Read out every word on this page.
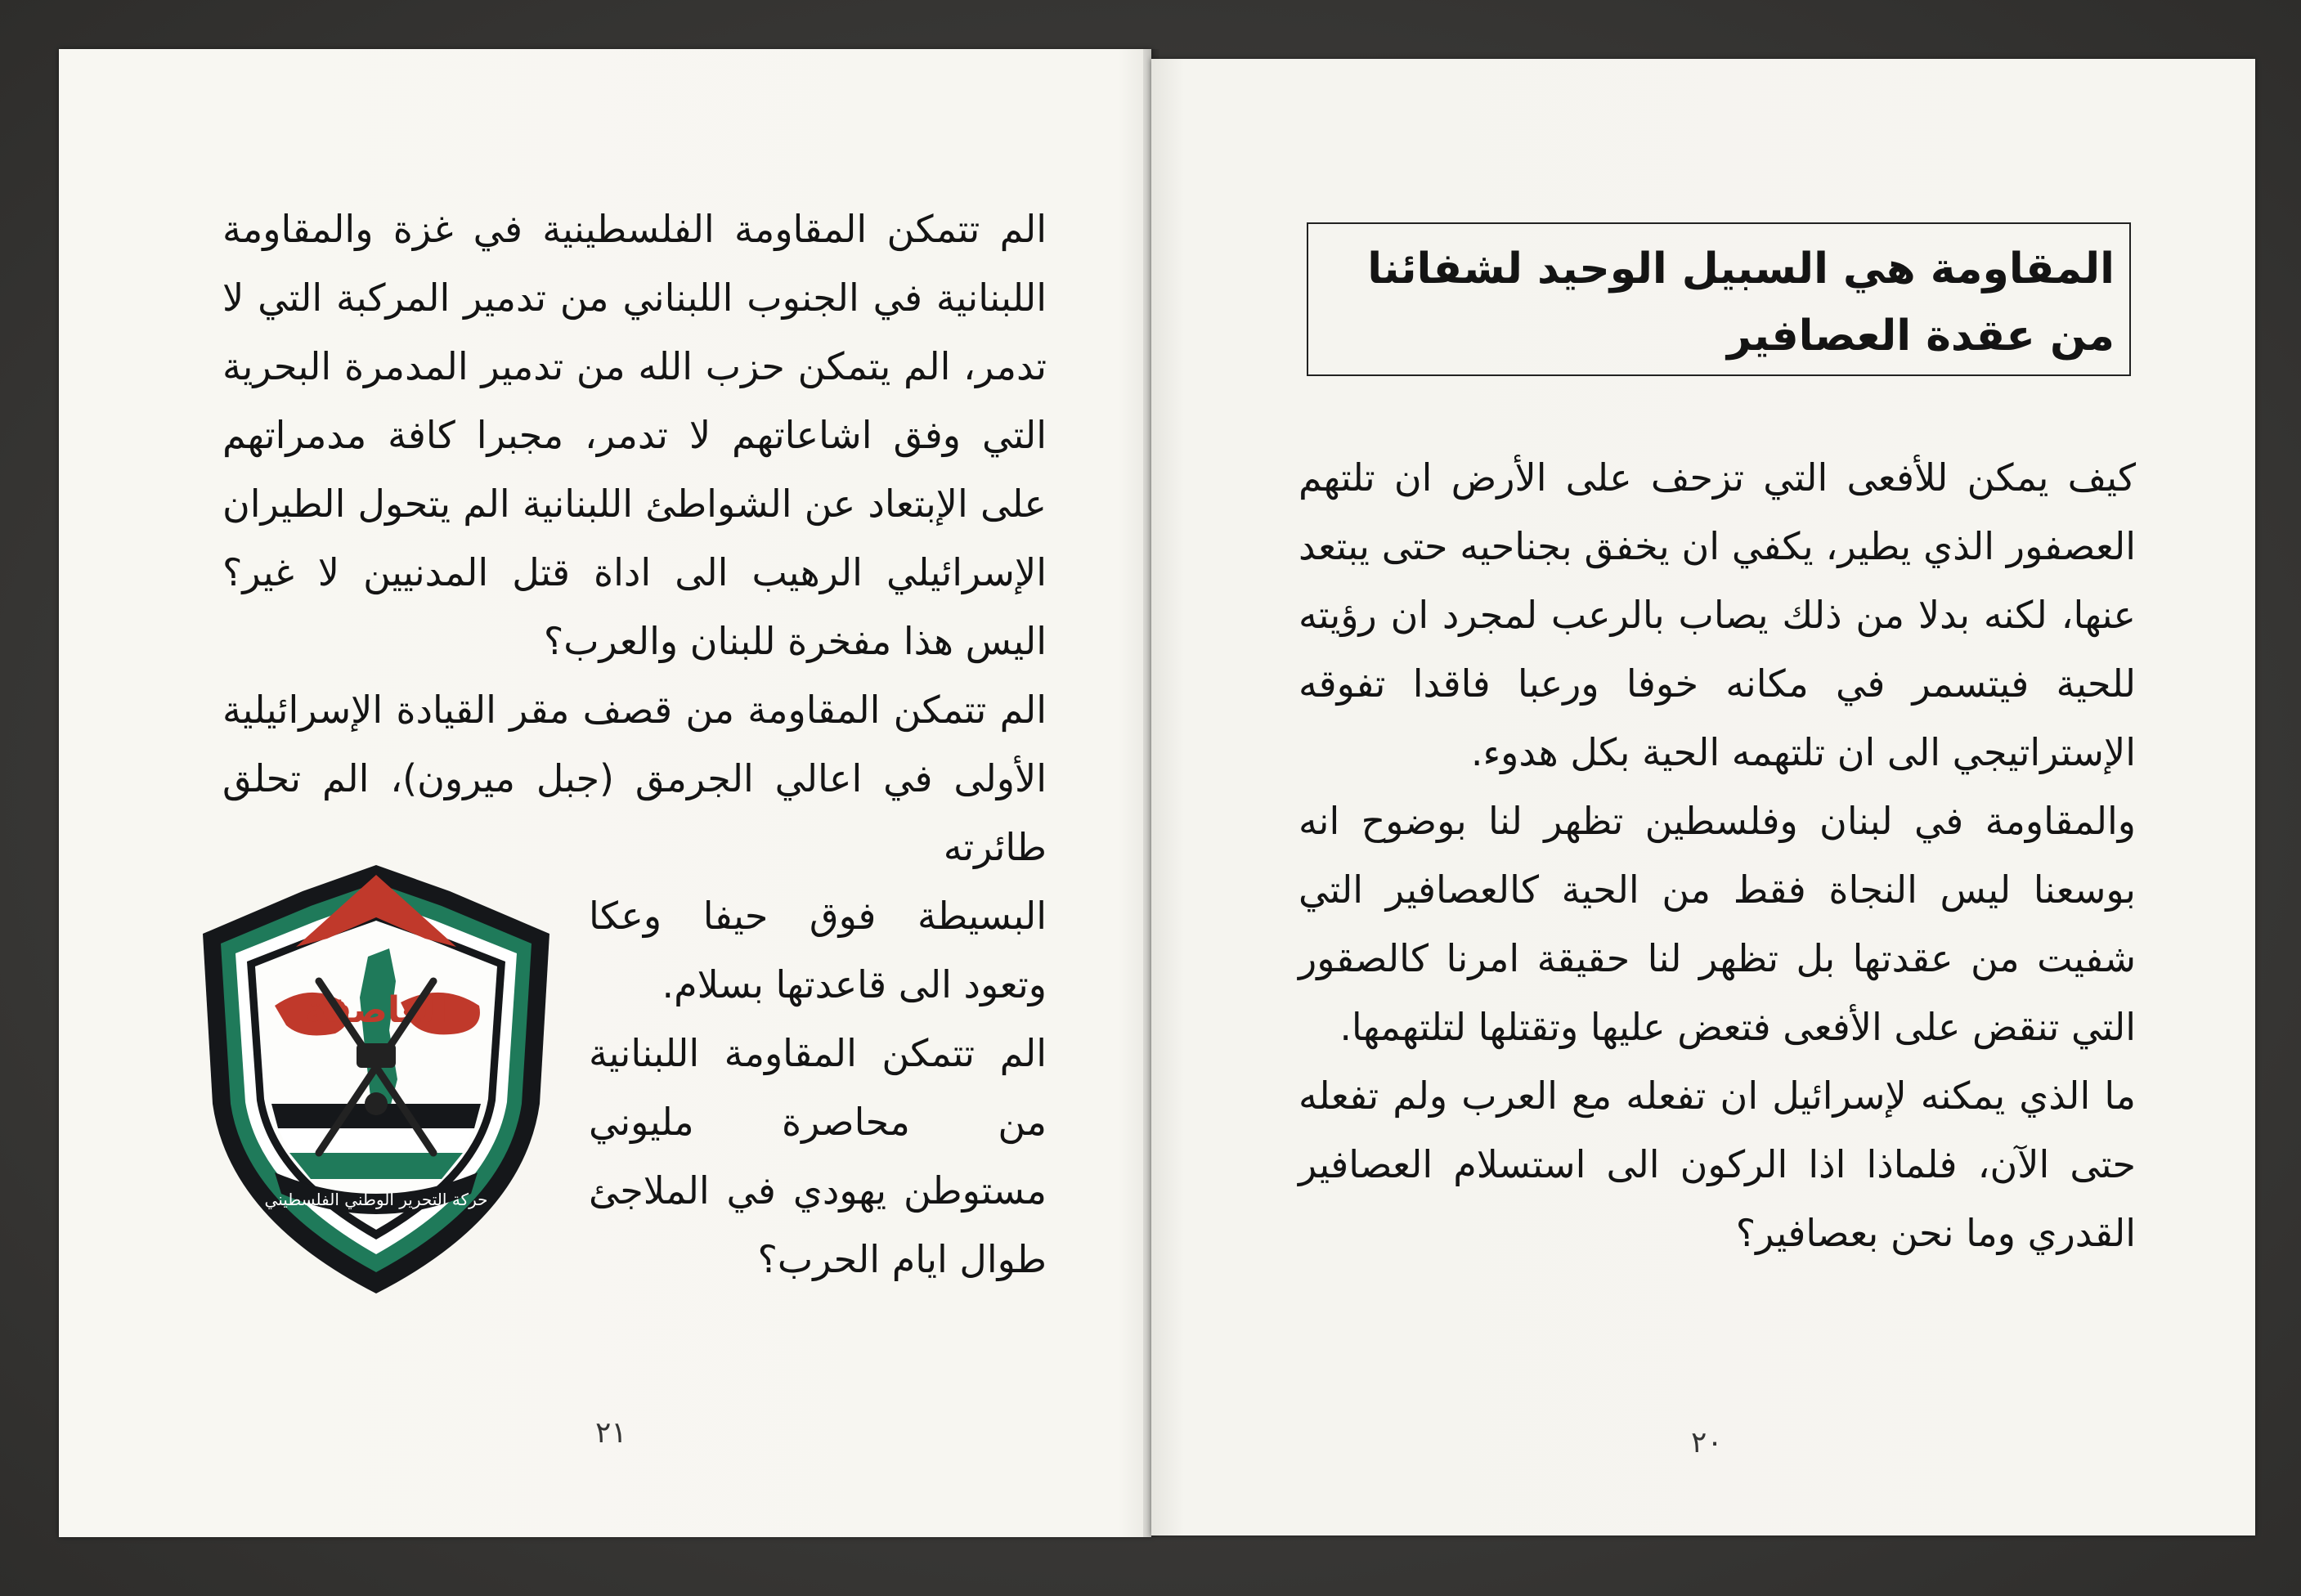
الم تتمكن المقاومة الفلسطينية في غزة والمقاومة اللبنانية في الجنوب اللبناني من تدمير المركبة التي لا تدمر، الم يتمكن حزب الله من تدمير المدمرة البحرية التي وفق اشاعاتهم لا تدمر، مجبرا كافة مدمراتهم على الإبتعاد عن الشواطئ اللبنانية الم يتحول الطيران الإسرائيلي الرهيب الى اداة قتل المدنيين لا غير؟ اليس هذا مفخرة للبنان والعرب؟

الم تتمكن المقاومة من قصف مقر القيادة الإسرائيلية الأولى في اعالي الجرمق (جبل ميرون)، الم تحلق طائرته

البسيطة فوق حيفا وعكا وتعود الى قاعدتها بسلام.

الم تتمكن المقاومة اللبنانية من محاصرة مليوني مستوطن يهودي في الملاجئ طوال ايام الحرب؟

العاصفة
حركة التحرير الوطني الفلسطيني
٢١
المقاومة هي السبيل الوحيد لشفائنا من عقدة العصافير

كيف يمكن للأفعى التي تزحف على الأرض ان تلتهم العصفور الذي يطير، يكفي ان يخفق بجناحيه حتى يبتعد عنها، لكنه بدلا من ذلك يصاب بالرعب لمجرد ان رؤيته للحية فيتسمر في مكانه خوفا ورعبا فاقدا تفوقه الإستراتيجي الى ان تلتهمه الحية بكل هدوء.

والمقاومة في لبنان وفلسطين تظهر لنا بوضوح انه بوسعنا ليس النجاة فقط من الحية كالعصافير التي شفيت من عقدتها بل تظهر لنا حقيقة امرنا كالصقور التي تنقض على الأفعى فتعض عليها وتقتلها لتلتهمها.

ما الذي يمكنه لإسرائيل ان تفعله مع العرب ولم تفعله حتى الآن، فلماذا اذا الركون الى استسلام العصافير القدري وما نحن بعصافير؟

٢٠
